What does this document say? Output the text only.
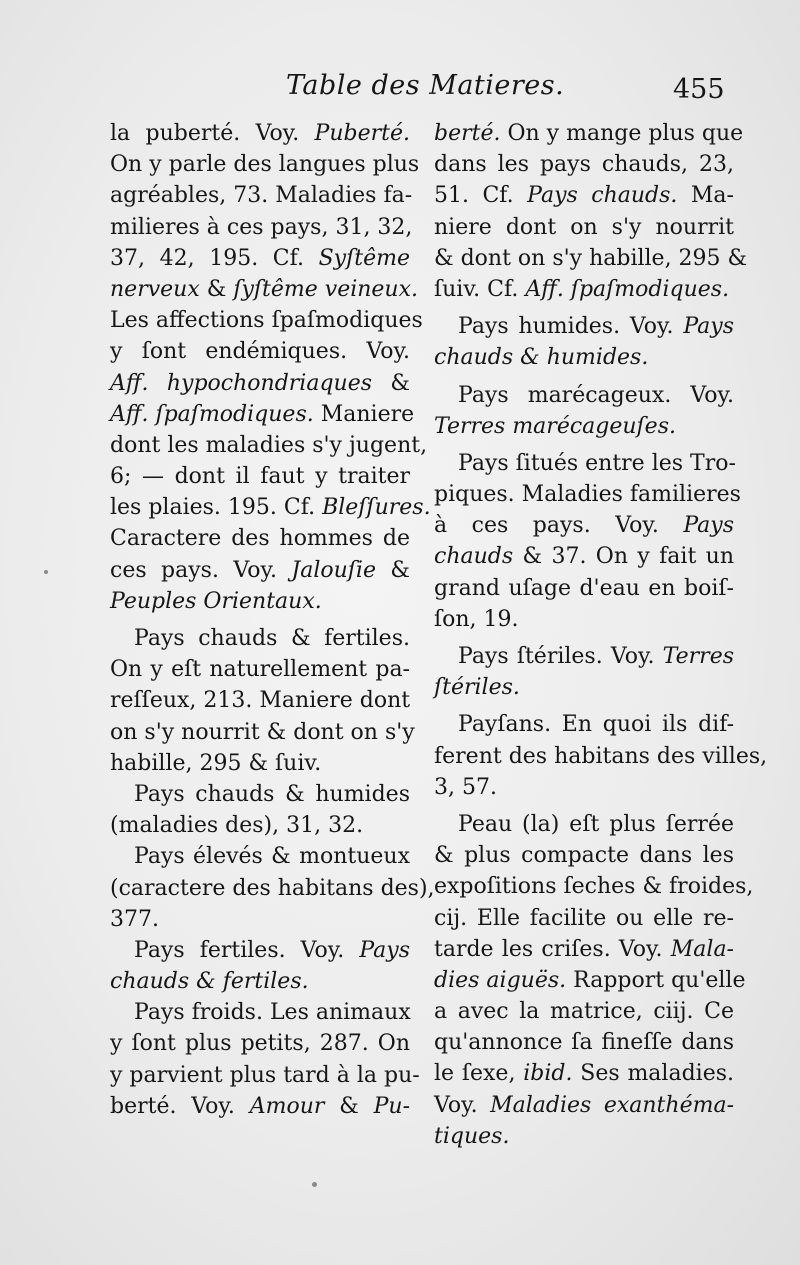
Table des Matieres.	455
la puberté. Voy. Puberté.
On y parle des langues plus
agréables, 73. Maladies fa-
milieres à ces pays, 31, 32,
37, 42, 195. Cf. Syſtême
nerveux & ſyſtême veineux.
Les affections ſpaſmodiques
y ſont endémiques. Voy.
Aff. hypochondriaques &
Aff. ſpaſmodiques. Maniere
dont les maladies s'y jugent,
6; — dont il faut y traiter
les plaies. 195. Cf. Bleſſures.
Caractere des hommes de
ces pays. Voy. Jalouſie &
Peuples Orientaux.
Pays chauds & fertiles.
On y eſt naturellement pa-
reſſeux, 213. Maniere dont
on s'y nourrit & dont on s'y
habille, 295 & ſuiv.
Pays chauds & humides
(maladies des), 31, 32.
Pays élevés & montueux
(caractere des habitans des),
377.
Pays fertiles. Voy. Pays
chauds & fertiles.
Pays froids. Les animaux
y ſont plus petits, 287. On
y parvient plus tard à la pu-
berté. Voy. Amour & Pu-
berté. On y mange plus que
dans les pays chauds, 23,
51. Cf. Pays chauds. Ma-
niere dont on s'y nourrit
& dont on s'y habille, 295 &
ſuiv. Cf. Aff. ſpaſmodiques.
Pays humides. Voy. Pays
chauds & humides.
Pays marécageux. Voy.
Terres marécageuſes.
Pays ſitués entre les Tro-
piques. Maladies familieres
à ces pays. Voy. Pays
chauds & 37. On y fait un
grand uſage d'eau en boiſ-
ſon, 19.
Pays ſtériles. Voy. Terres
ſtériles.
Payſans. En quoi ils dif-
ferent des habitans des villes,
3, 57.
Peau (la) eſt plus ſerrée
& plus compacte dans les
expoſitions ſeches & froides,
cij. Elle facilite ou elle re-
tarde les criſes. Voy. Mala-
dies aiguës. Rapport qu'elle
a avec la matrice, ciij. Ce
qu'annonce ſa fineſſe dans
le ſexe, ibid. Ses maladies.
Voy. Maladies exanthéma-
tiques.
